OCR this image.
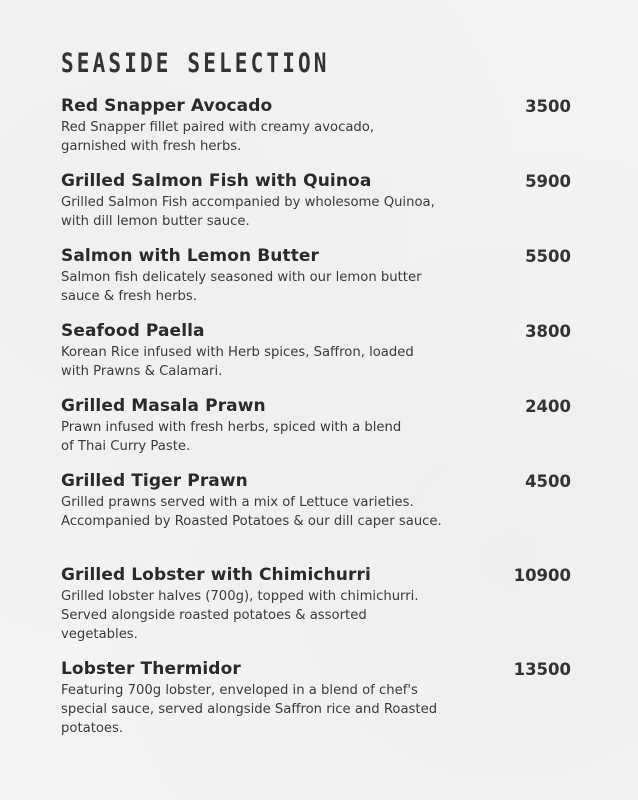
SEASIDE SELECTION
Red Snapper Avocado
Red Snapper fillet paired with creamy avocado, garnished with fresh herbs.
3500
Grilled Salmon Fish with Quinoa
Grilled Salmon Fish accompanied by wholesome Quinoa, with dill lemon butter sauce.
5900
Salmon with Lemon Butter
Salmon fish delicately seasoned with our lemon butter sauce & fresh herbs.
5500
Seafood Paella
Korean Rice infused with Herb spices, Saffron, loaded with Prawns & Calamari.
3800
Grilled Masala Prawn
Prawn infused with fresh herbs, spiced with a blend of Thai Curry Paste.
2400
Grilled Tiger Prawn
Grilled prawns served with a mix of Lettuce varieties. Accompanied by Roasted Potatoes & our dill caper sauce.
4500
Grilled Lobster with Chimichurri
Grilled lobster halves (700g), topped with chimichurri. Served alongside roasted potatoes & assorted vegetables.
10900
Lobster Thermidor
Featuring 700g lobster, enveloped in a blend of chef's special sauce, served alongside Saffron rice and Roasted potatoes.
13500
